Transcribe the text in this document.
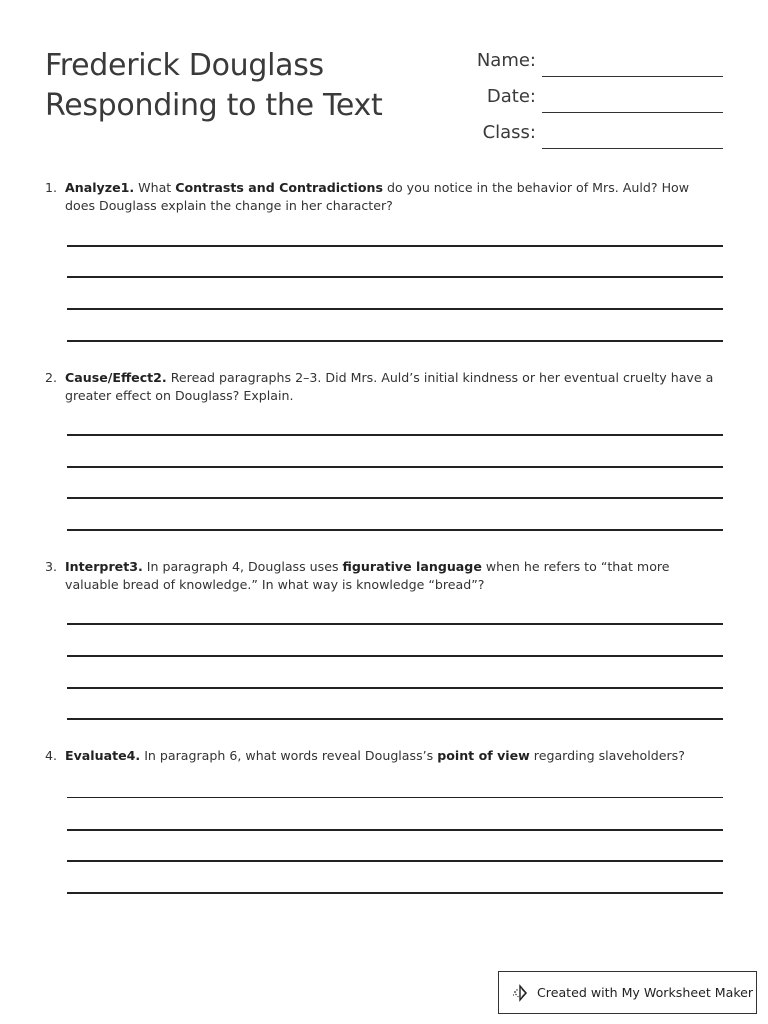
Frederick Douglass
Responding to the Text
Name:
Date:
Class:
1. Analyze1. What Contrasts and Contradictions do you notice in the behavior of Mrs. Auld? How does Douglass explain the change in her character?
2. Cause/Effect2. Reread paragraphs 2–3. Did Mrs. Auld’s initial kindness or her eventual cruelty have a greater effect on Douglass? Explain.
3. Interpret3. In paragraph 4, Douglass uses figurative language when he refers to “that more valuable bread of knowledge.” In what way is knowledge “bread”?
4. Evaluate4. In paragraph 6, what words reveal Douglass’s point of view regarding slaveholders?
Created with My Worksheet Maker
